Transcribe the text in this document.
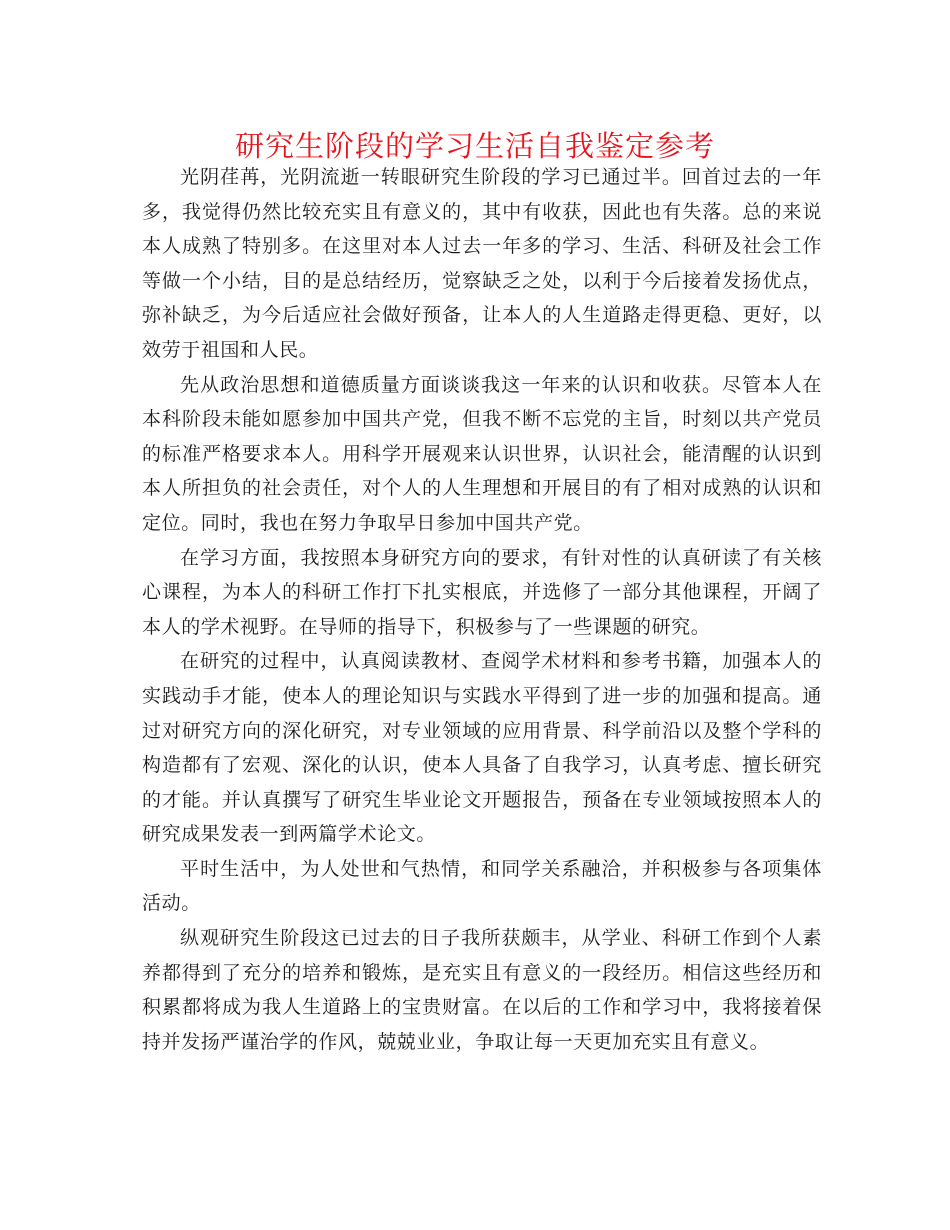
研究生阶段的学习生活自我鉴定参考

光阴荏苒，光阴流逝一转眼研究生阶段的学习已通过半。回首过去的一年多，我觉得仍然比较充实且有意义的，其中有收获，因此也有失落。总的来说本人成熟了特别多。在这里对本人过去一年多的学习、生活、科研及社会工作等做一个小结，目的是总结经历，觉察缺乏之处，以利于今后接着发扬优点，弥补缺乏，为今后适应社会做好预备，让本人的人生道路走得更稳、更好，以效劳于祖国和人民。

先从政治思想和道德质量方面谈谈我这一年来的认识和收获。尽管本人在本科阶段未能如愿参加中国共产党，但我不断不忘党的主旨，时刻以共产党员的标准严格要求本人。用科学开展观来认识世界，认识社会，能清醒的认识到本人所担负的社会责任，对个人的人生理想和开展目的有了相对成熟的认识和定位。同时，我也在努力争取早日参加中国共产党。

在学习方面，我按照本身研究方向的要求，有针对性的认真研读了有关核心课程，为本人的科研工作打下扎实根底，并选修了一部分其他课程，开阔了本人的学术视野。在导师的指导下，积极参与了一些课题的研究。

在研究的过程中，认真阅读教材、查阅学术材料和参考书籍，加强本人的实践动手才能，使本人的理论知识与实践水平得到了进一步的加强和提高。通过对研究方向的深化研究，对专业领域的应用背景、科学前沿以及整个学科的构造都有了宏观、深化的认识，使本人具备了自我学习，认真考虑、擅长研究的才能。并认真撰写了研究生毕业论文开题报告，预备在专业领域按照本人的研究成果发表一到两篇学术论文。

平时生活中，为人处世和气热情，和同学关系融洽，并积极参与各项集体活动。

纵观研究生阶段这已过去的日子我所获颇丰，从学业、科研工作到个人素养都得到了充分的培养和锻炼，是充实且有意义的一段经历。相信这些经历和积累都将成为我人生道路上的宝贵财富。在以后的工作和学习中，我将接着保持并发扬严谨治学的作风，兢兢业业，争取让每一天更加充实且有意义。
